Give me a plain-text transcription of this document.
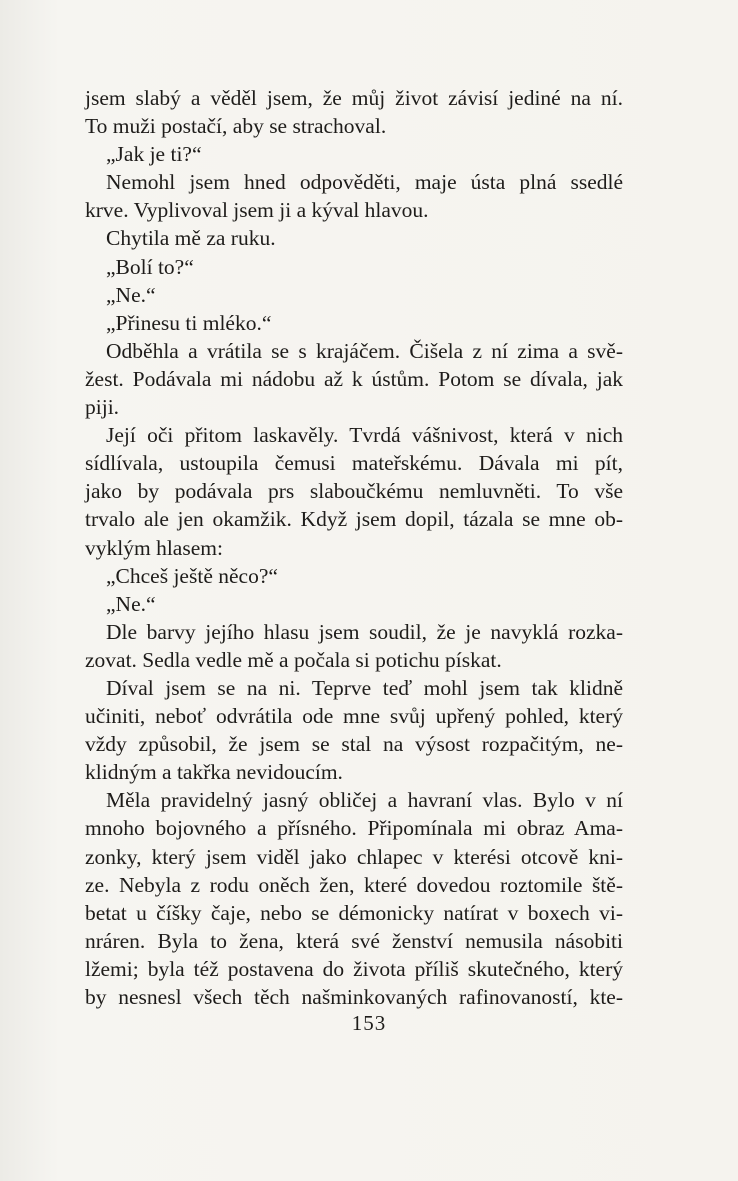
jsem slabý a věděl jsem, že můj život závisí jediné na ní.
To muži postačí, aby se strachoval.
„Jak je ti?“
Nemohl jsem hned odpověděti, maje ústa plná ssedlé
krve. Vyplivoval jsem ji a kýval hlavou.
Chytila mě za ruku.
„Bolí to?“
„Ne.“
„Přinesu ti mléko.“
Odběhla a vrátila se s krajáčem. Čišela z ní zima a svě-
žest. Podávala mi nádobu až k ústům. Potom se dívala, jak
piji.
Její oči přitom laskavěly. Tvrdá vášnivost, která v nich
sídlívala, ustoupila čemusi mateřskému. Dávala mi pít,
jako by podávala prs slaboučkému nemluvněti. To vše
trvalo ale jen okamžik. Když jsem dopil, tázala se mne ob-
vyklým hlasem:
„Chceš ještě něco?“
„Ne.“
Dle barvy jejího hlasu jsem soudil, že je navyklá rozka-
zovat. Sedla vedle mě a počala si potichu pískat.
Díval jsem se na ni. Teprve teď mohl jsem tak klidně
učiniti, neboť odvrátila ode mne svůj upřený pohled, který
vždy způsobil, že jsem se stal na výsost rozpačitým, ne-
klidným a takřka nevidoucím.
Měla pravidelný jasný obličej a havraní vlas. Bylo v ní
mnoho bojovného a přísného. Připomínala mi obraz Ama-
zonky, který jsem viděl jako chlapec v kterési otcově kni-
ze. Nebyla z rodu oněch žen, které dovedou roztomile ště-
betat u číšky čaje, nebo se démonicky natírat v boxech vi-
nráren. Byla to žena, která své ženství nemusila násobiti
lžemi; byla též postavena do života příliš skutečného, který
by nesnesl všech těch našminkovaných rafinovaností, kte-
153
